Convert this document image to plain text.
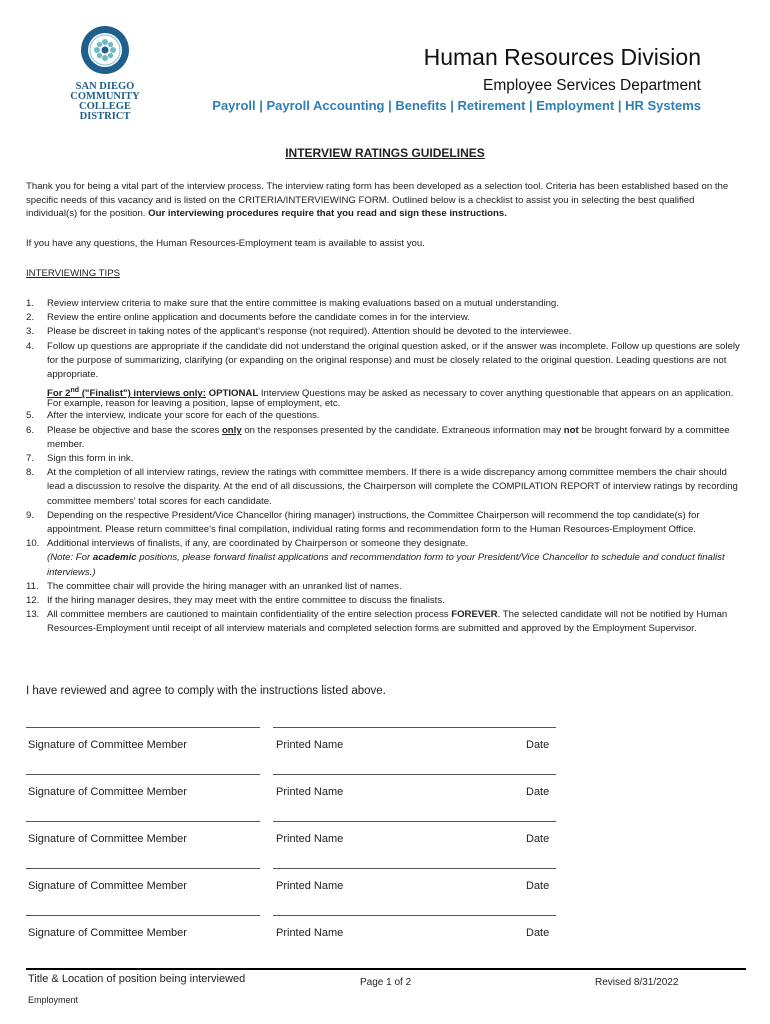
SAN DIEGO
COMMUNITY COLLEGE
DISTRICT
Human Resources Division
Employee Services Department
Payroll | Payroll Accounting | Benefits | Retirement | Employment | HR Systems
INTERVIEW RATINGS GUIDELINES
Thank you for being a vital part of the interview process. The interview rating form has been developed as a selection tool. Criteria has been established based on the specific needs of this vacancy and is listed on the CRITERIA/INTERVIEWING FORM. Outlined below is a checklist to assist you in selecting the best qualified individual(s) for the position. Our interviewing procedures require that you read and sign these instructions.
If you have any questions, the Human Resources-Employment team is available to assist you.
INTERVIEWING TIPS
1. Review interview criteria to make sure that the entire committee is making evaluations based on a mutual understanding.
2. Review the entire online application and documents before the candidate comes in for the interview.
3. Please be discreet in taking notes of the applicant's response (not required). Attention should be devoted to the interviewee.
4. Follow up questions are appropriate if the candidate did not understand the original question asked, or if the answer was incomplete. Follow up questions are solely for the purpose of summarizing, clarifying (or expanding on the original response) and must be closely related to the original question. Leading questions are not appropriate.
For 2nd ("Finalist") interviews only: OPTIONAL Interview Questions may be asked as necessary to cover anything questionable that appears on an application. For example, reason for leaving a position, lapse of employment, etc.
5. After the interview, indicate your score for each of the questions.
6. Please be objective and base the scores only on the responses presented by the candidate. Extraneous information may not be brought forward by a committee member.
7. Sign this form in ink.
8. At the completion of all interview ratings, review the ratings with committee members. If there is a wide discrepancy among committee members the chair should lead a discussion to resolve the disparity. At the end of all discussions, the Chairperson will complete the COMPILATION REPORT of interview ratings by recording committee members' total scores for each candidate.
9. Depending on the respective President/Vice Chancellor (hiring manager) instructions, the Committee Chairperson will recommend the top candidate(s) for appointment. Please return committee's final compilation, individual rating forms and recommendation form to the Human Resources-Employment Office.
10. Additional interviews of finalists, if any, are coordinated by Chairperson or someone they designate.
(Note: For academic positions, please forward finalist applications and recommendation form to your President/Vice Chancellor to schedule and conduct finalist interviews.)
11. The committee chair will provide the hiring manager with an unranked list of names.
12. If the hiring manager desires, they may meet with the entire committee to discuss the finalists.
13. All committee members are cautioned to maintain confidentiality of the entire selection process FOREVER. The selected candidate will not be notified by Human Resources-Employment until receipt of all interview materials and completed selection forms are submitted and approved by the Employment Supervisor.
I have reviewed and agree to comply with the instructions listed above.
Signature of Committee Member	Printed Name	Date
Signature of Committee Member	Printed Name	Date
Signature of Committee Member	Printed Name	Date
Signature of Committee Member	Printed Name	Date
Signature of Committee Member	Printed Name	Date
Title & Location of position being interviewed	Page 1 of 2	Revised 8/31/2022
Employment
